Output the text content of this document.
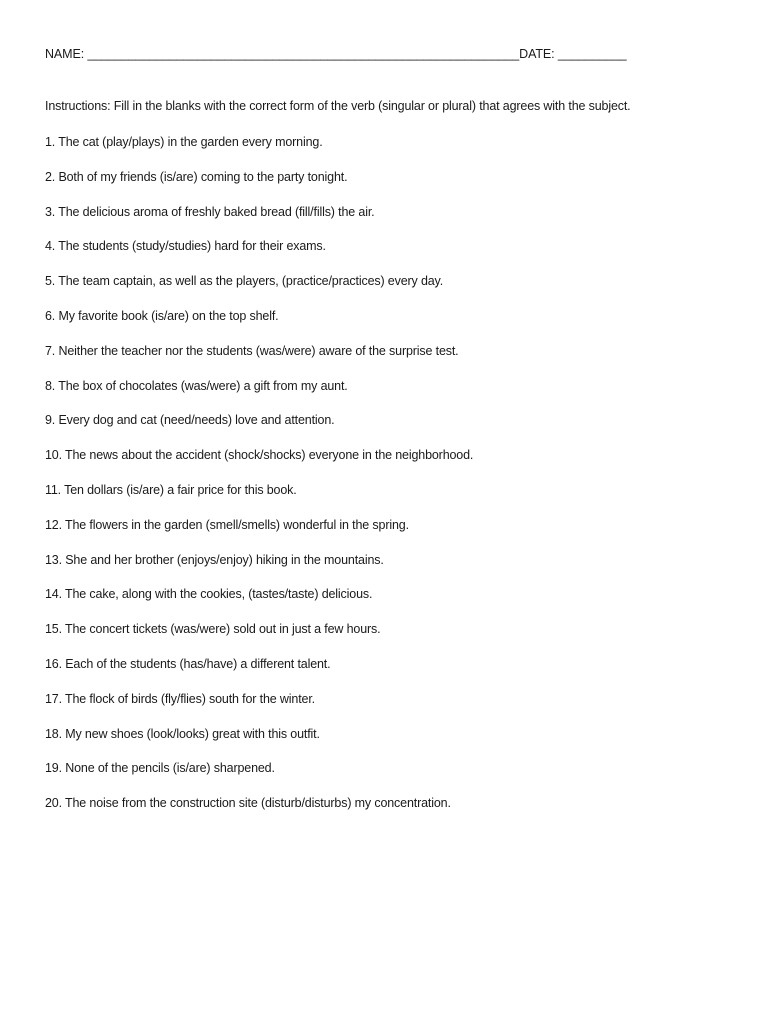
NAME: _______________________________________________________________DATE: __________
Instructions: Fill in the blanks with the correct form of the verb (singular or plural) that agrees with the subject.
1. The cat (play/plays) in the garden every morning.
2. Both of my friends (is/are) coming to the party tonight.
3. The delicious aroma of freshly baked bread (fill/fills) the air.
4. The students (study/studies) hard for their exams.
5. The team captain, as well as the players, (practice/practices) every day.
6. My favorite book (is/are) on the top shelf.
7. Neither the teacher nor the students (was/were) aware of the surprise test.
8. The box of chocolates (was/were) a gift from my aunt.
9. Every dog and cat (need/needs) love and attention.
10. The news about the accident (shock/shocks) everyone in the neighborhood.
11. Ten dollars (is/are) a fair price for this book.
12. The flowers in the garden (smell/smells) wonderful in the spring.
13. She and her brother (enjoys/enjoy) hiking in the mountains.
14. The cake, along with the cookies, (tastes/taste) delicious.
15. The concert tickets (was/were) sold out in just a few hours.
16. Each of the students (has/have) a different talent.
17. The flock of birds (fly/flies) south for the winter.
18. My new shoes (look/looks) great with this outfit.
19. None of the pencils (is/are) sharpened.
20. The noise from the construction site (disturb/disturbs) my concentration.
